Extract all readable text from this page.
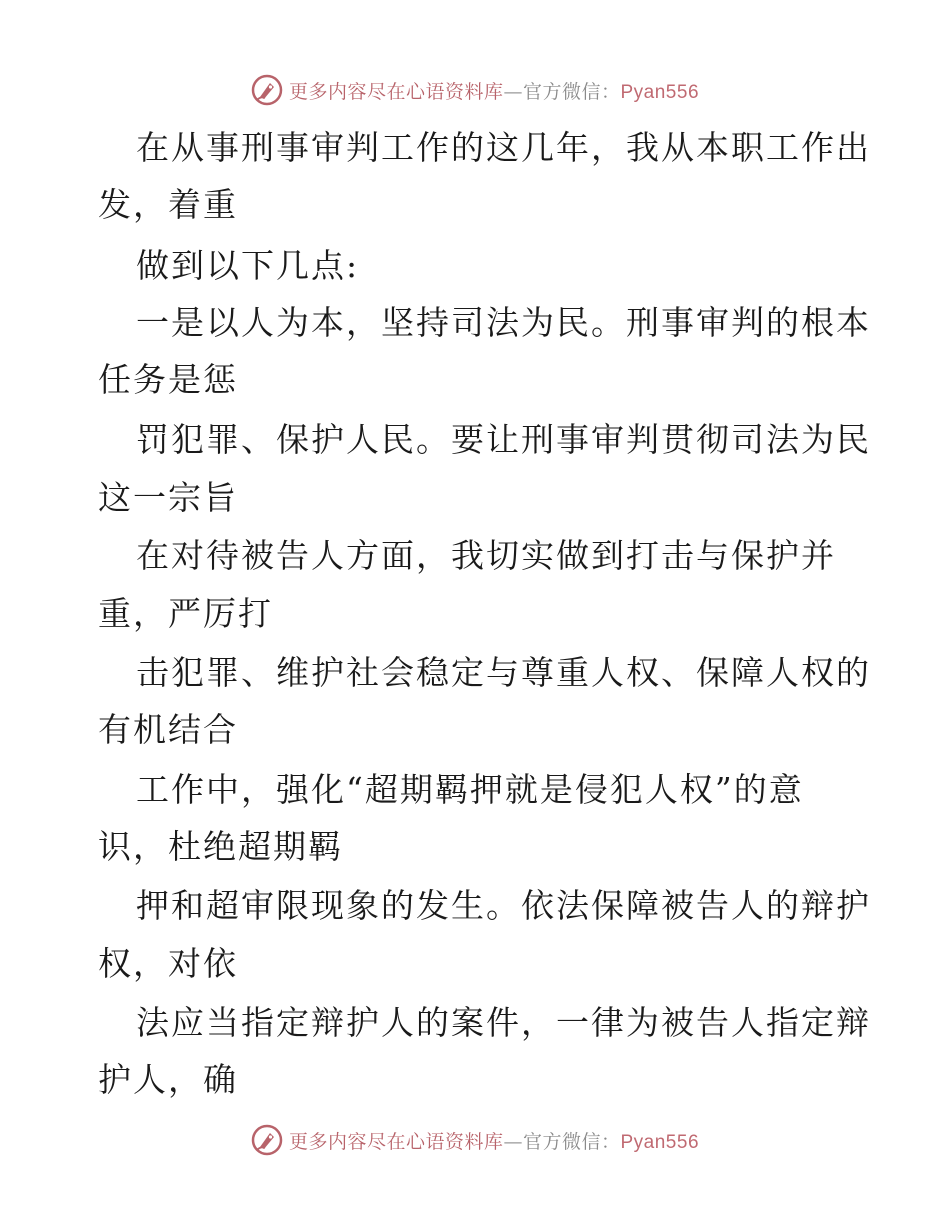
更多内容尽在心语资料库—官方微信：Pyan556
在从事刑事审判工作的这几年，我从本职工作出
发，着重
做到以下几点:
一是以人为本，坚持司法为民。刑事审判的根本
任务是惩
罚犯罪、保护人民。要让刑事审判贯彻司法为民
这一宗旨
在对待被告人方面，我切实做到打击与保护并
重，严厉打
击犯罪、维护社会稳定与尊重人权、保障人权的
有机结合
工作中，强化“超期羁押就是侵犯人权”的意
识，杜绝超期羁
押和超审限现象的发生。依法保障被告人的辩护
权，对依
法应当指定辩护人的案件，一律为被告人指定辩
护人，确
更多内容尽在心语资料库—官方微信：Pyan556
